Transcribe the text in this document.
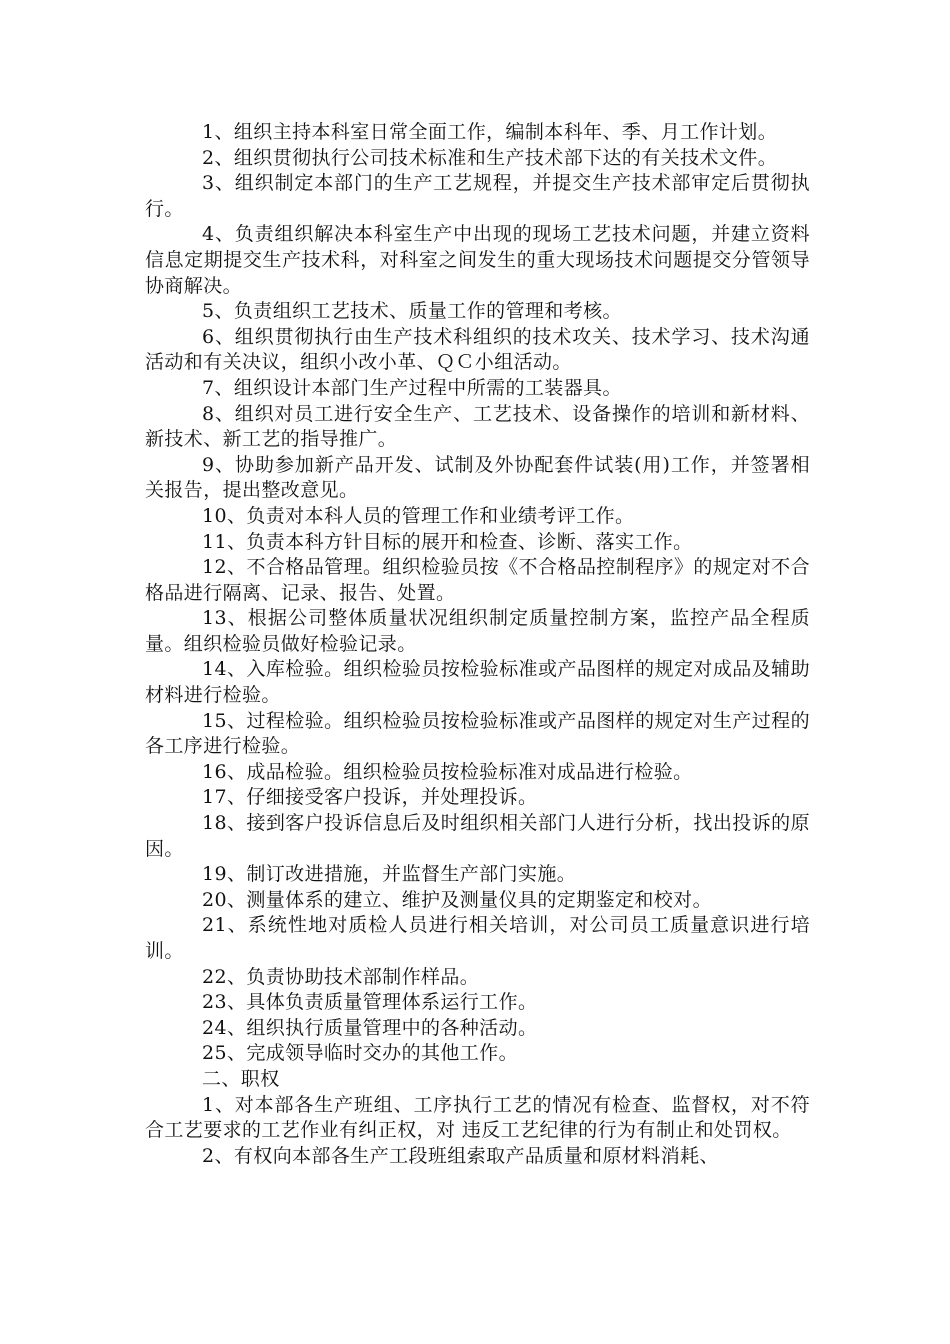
1、组织主持本科室日常全面工作，编制本科年、季、月工作计划。

2、组织贯彻执行公司技术标准和生产技术部下达的有关技术文件。

3、组织制定本部门的生产工艺规程，并提交生产技术部审定后贯彻执行。

4、负责组织解决本科室生产中出现的现场工艺技术问题，并建立资料信息定期提交生产技术科，对科室之间发生的重大现场技术问题提交分管领导协商解决。

5、负责组织工艺技术、质量工作的管理和考核。

6、组织贯彻执行由生产技术科组织的技术攻关、技术学习、技术沟通活动和有关决议，组织小改小革、ＱＣ小组活动。

7、组织设计本部门生产过程中所需的工装器具。

8、组织对员工进行安全生产、工艺技术、设备操作的培训和新材料、新技术、新工艺的指导推广。

9、协助参加新产品开发、试制及外协配套件试装(用)工作，并签署相关报告，提出整改意见。

10、负责对本科人员的管理工作和业绩考评工作。

11、负责本科方针目标的展开和检查、诊断、落实工作。

12、不合格品管理。组织检验员按《不合格品控制程序》的规定对不合格品进行隔离、记录、报告、处置。

13、根据公司整体质量状况组织制定质量控制方案，监控产品全程质量。组织检验员做好检验记录。

14、入库检验。组织检验员按检验标准或产品图样的规定对成品及辅助材料进行检验。

15、过程检验。组织检验员按检验标准或产品图样的规定对生产过程的各工序进行检验。

16、成品检验。组织检验员按检验标准对成品进行检验。

17、仔细接受客户投诉，并处理投诉。

18、接到客户投诉信息后及时组织相关部门人进行分析，找出投诉的原因。

19、制订改进措施，并监督生产部门实施。

20、测量体系的建立、维护及测量仪具的定期鉴定和校对。

21、系统性地对质检人员进行相关培训，对公司员工质量意识进行培训。

22、负责协助技术部制作样品。

23、具体负责质量管理体系运行工作。

24、组织执行质量管理中的各种活动。

25、完成领导临时交办的其他工作。

二、职权

1、对本部各生产班组、工序执行工艺的情况有检查、监督权，对不符合工艺要求的工艺作业有纠正权，对 违反工艺纪律的行为有制止和处罚权。

2、有权向本部各生产工段班组索取产品质量和原材料消耗、
